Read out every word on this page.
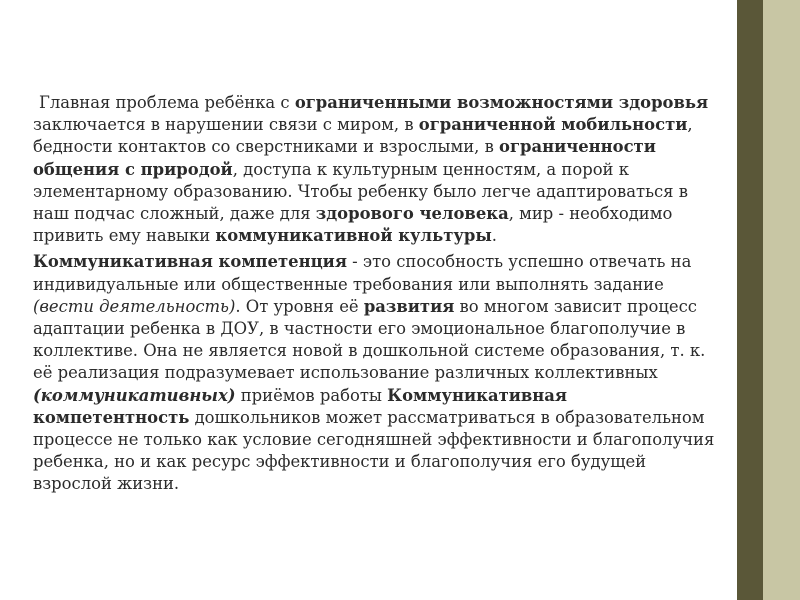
Главная проблема ребёнка с ограниченными возможностями здоровья заключается в нарушении связи с миром, в ограниченной мобильности, бедности контактов со сверстниками и взрослыми, в ограниченности общения с природой, доступа к культурным ценностям, а порой к элементарному образованию. Чтобы ребенку было легче адаптироваться в наш подчас сложный, даже для здорового человека, мир - необходимо привить ему навыки коммуникативной культуры.

Коммуникативная компетенция - это способность успешно отвечать на индивидуальные или общественные требования или выполнять задание (вести деятельность). От уровня её развития во многом зависит процесс адаптации ребенка в ДОУ, в частности его эмоциональное благополучие в коллективе. Она не является новой в дошкольной системе образования, т. к. её реализация подразумевает использование различных коллективных (коммуникативных) приёмов работы Коммуникативная компетентность дошкольников может рассматриваться в образовательном процессе не только как условие сегодняшней эффективности и благополучия ребенка, но и как ресурс эффективности и благополучия его будущей взрослой жизни.
